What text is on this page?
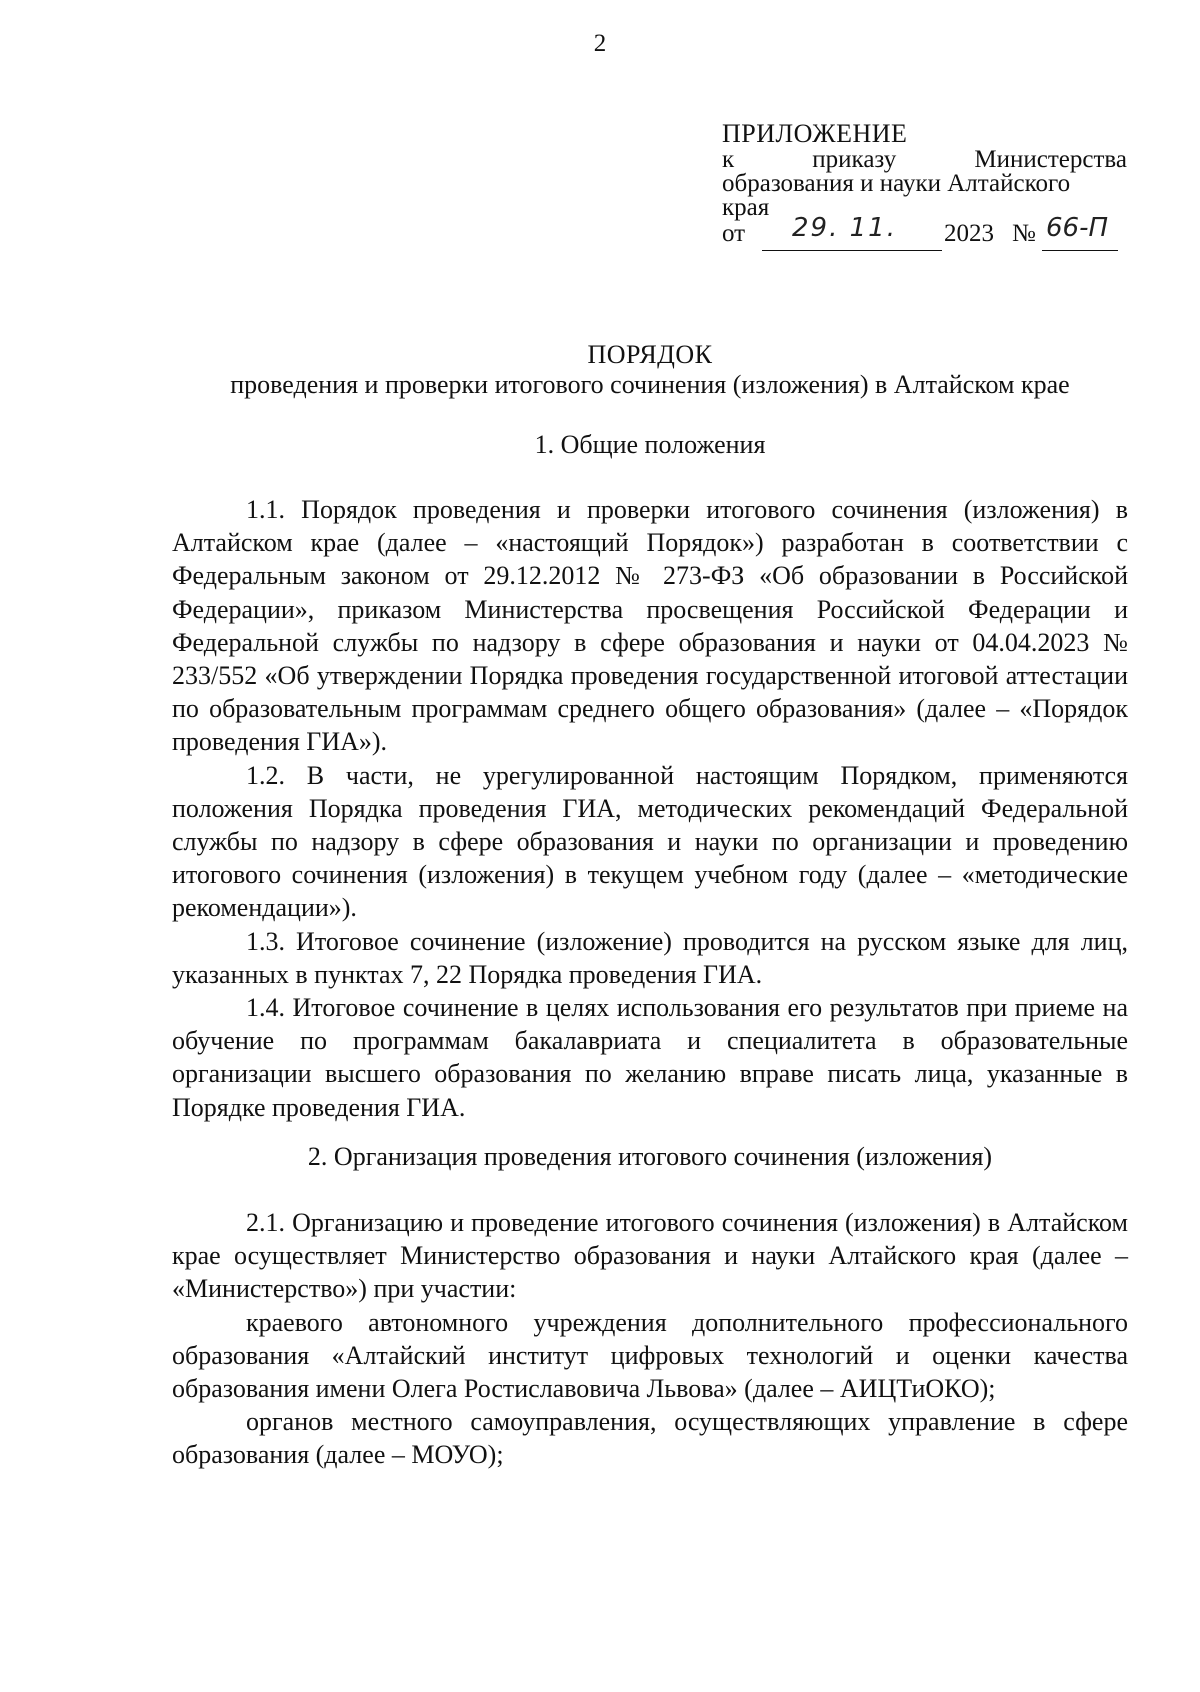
2
ПРИЛОЖЕНИЕ
к приказу Министерства
образования и науки Алтайского
края
от 29. 11. 2023 № 66-П
ПОРЯДОК
проведения и проверки итогового сочинения (изложения) в Алтайском крае
1. Общие положения

1.1. Порядок проведения и проверки итогового сочинения (изложения) в Алтайском крае (далее – «настоящий Порядок») разработан в соответствии с Федеральным законом от 29.12.2012 № 273-ФЗ «Об образовании в Российской Федерации», приказом Министерства просвещения Российской Федерации и Федеральной службы по надзору в сфере образования и науки от 04.04.2023 № 233/552 «Об утверждении Порядка проведения государственной итоговой аттестации по образовательным программам среднего общего образования» (далее – «Порядок проведения ГИА»).

1.2. В части, не урегулированной настоящим Порядком, применяются положения Порядка проведения ГИА, методических рекомендаций Федеральной службы по надзору в сфере образования и науки по организации и проведению итогового сочинения (изложения) в текущем учебном году (далее – «методические рекомендации»).

1.3. Итоговое сочинение (изложение) проводится на русском языке для лиц, указанных в пунктах 7, 22 Порядка проведения ГИА.

1.4. Итоговое сочинение в целях использования его результатов при приеме на обучение по программам бакалавриата и специалитета в образовательные организации высшего образования по желанию вправе писать лица, указанные в Порядке проведения ГИА.

2. Организация проведения итогового сочинения (изложения)

2.1. Организацию и проведение итогового сочинения (изложения) в Алтайском крае осуществляет Министерство образования и науки Алтайского края (далее – «Министерство») при участии:

краевого автономного учреждения дополнительного профессионального образования «Алтайский институт цифровых технологий и оценки качества образования имени Олега Ростиславовича Львова» (далее – АИЦТиОКО);

органов местного самоуправления, осуществляющих управление в сфере образования (далее – МОУО);
